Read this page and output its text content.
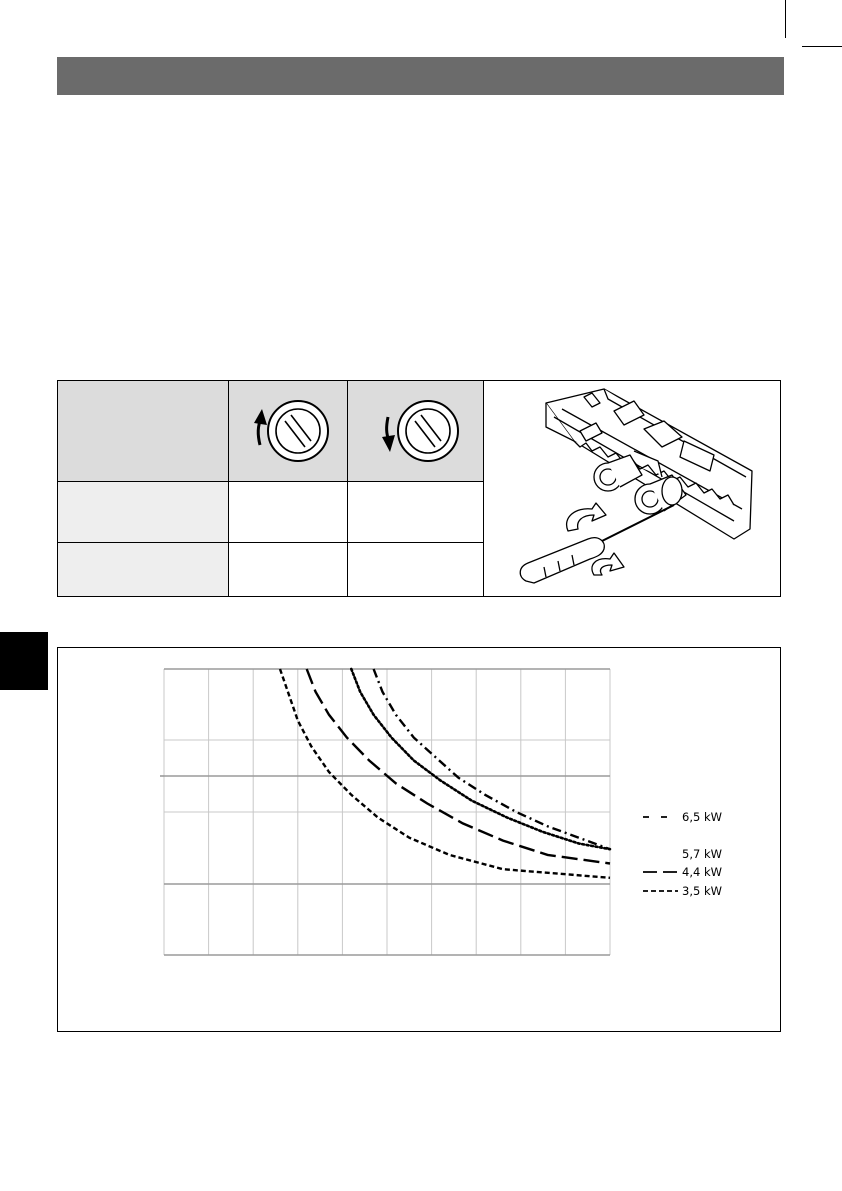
6,5 kW
5,7 kW
4,4 kW
3,5 kW
